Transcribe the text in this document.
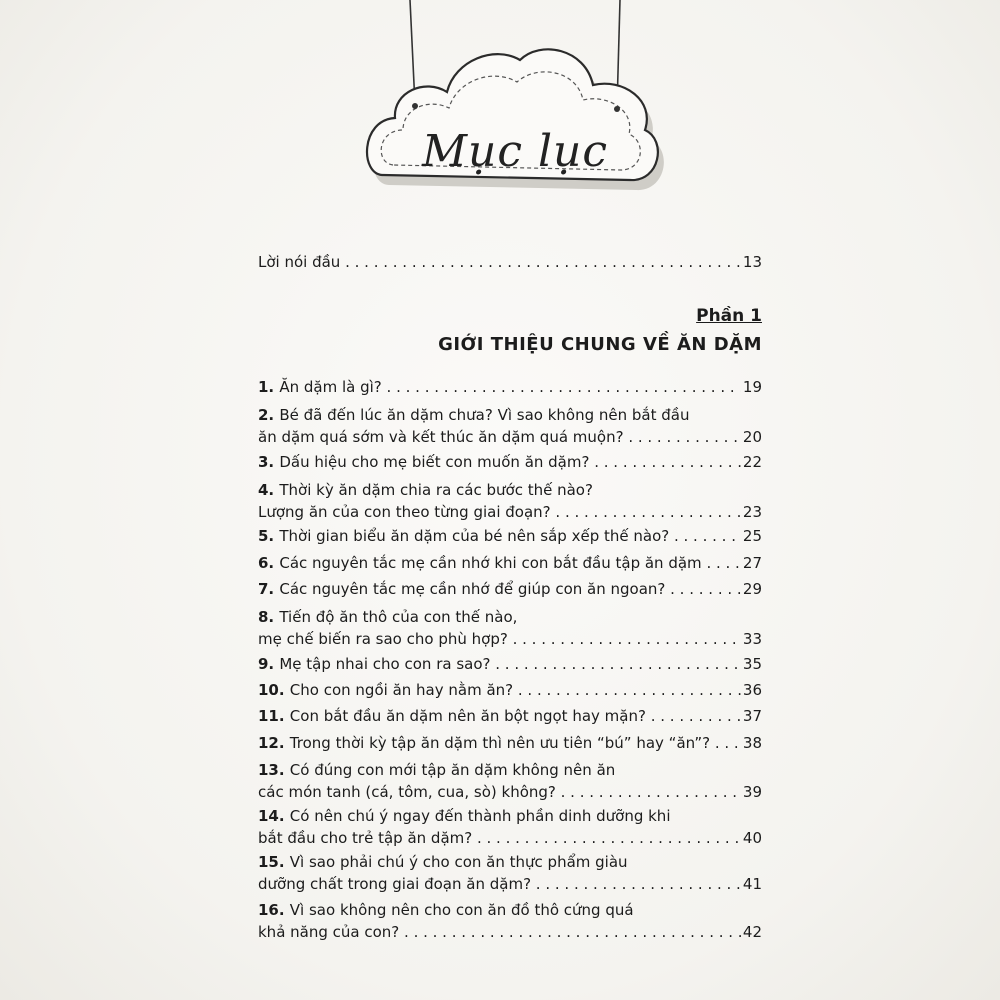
Mục lục
Lời nói đầu . . .	13
Phần 1
GIỚI THIỆU CHUNG VỀ ĂN DẶM
1. Ăn dặm là gì? . . .	19
2. Bé đã đến lúc ăn dặm chưa? Vì sao không nên bắt đầu
ăn dặm quá sớm và kết thúc ăn dặm quá muộn? . . .	20
3. Dấu hiệu cho mẹ biết con muốn ăn dặm? . . .	22
4. Thời kỳ ăn dặm chia ra các bước thế nào?
Lượng ăn của con theo từng giai đoạn? . . .	23
5. Thời gian biểu ăn dặm của bé nên sắp xếp thế nào? . . .	25
6. Các nguyên tắc mẹ cần nhớ khi con bắt đầu tập ăn dặm . . .	27
7. Các nguyên tắc mẹ cần nhớ để giúp con ăn ngoan? . . .	29
8. Tiến độ ăn thô của con thế nào,
mẹ chế biến ra sao cho phù hợp? . . .	33
9. Mẹ tập nhai cho con ra sao? . . .	35
10. Cho con ngồi ăn hay nằm ăn? . . .	36
11. Con bắt đầu ăn dặm nên ăn bột ngọt hay mặn? . . .	37
12. Trong thời kỳ tập ăn dặm thì nên ưu tiên “bú” hay “ăn”? . . .	38
13. Có đúng con mới tập ăn dặm không nên ăn
các món tanh (cá, tôm, cua, sò) không? . . .	39
14. Có nên chú ý ngay đến thành phần dinh dưỡng khi
bắt đầu cho trẻ tập ăn dặm? . . .	40
15. Vì sao phải chú ý cho con ăn thực phẩm giàu
dưỡng chất trong giai đoạn ăn dặm? . . .	41
16. Vì sao không nên cho con ăn đồ thô cứng quá
khả năng của con? . . .	42
